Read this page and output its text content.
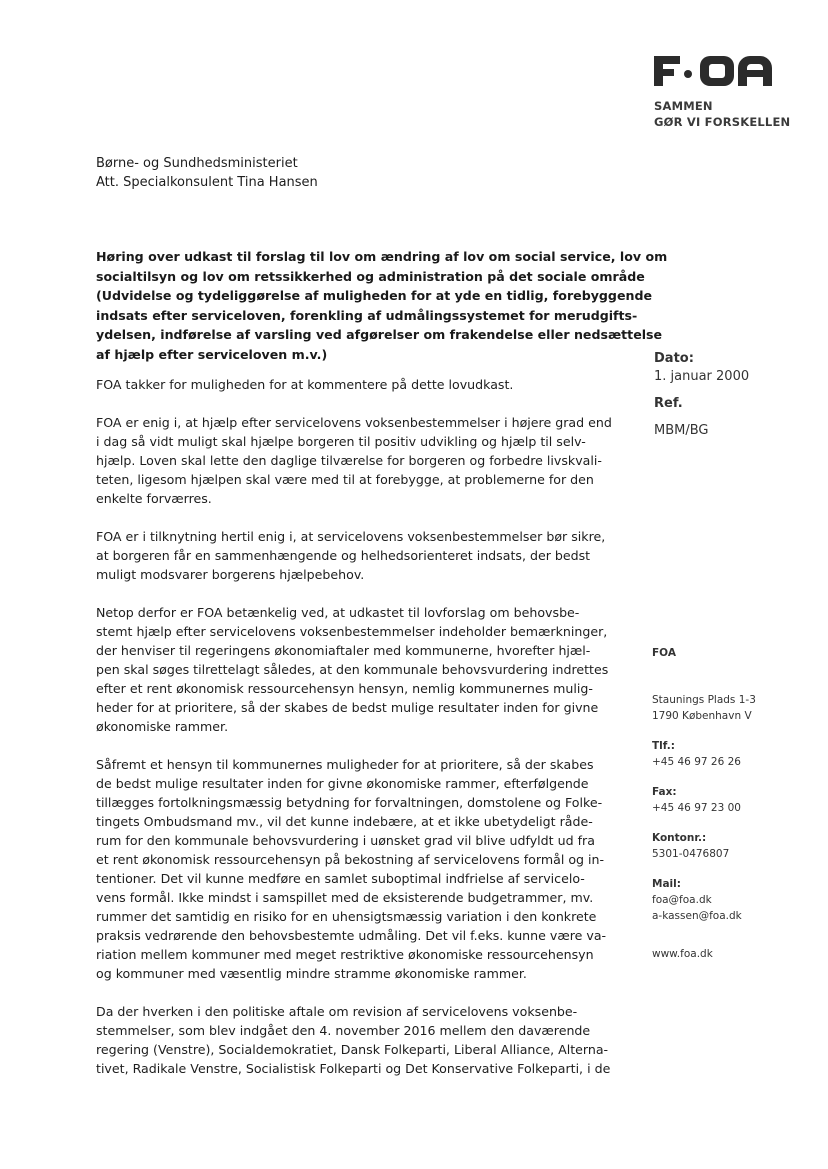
SAMMEN
GØR VI FORSKELLEN
Børne- og Sundhedsministeriet
Att. Specialkonsulent Tina Hansen
Høring over udkast til forslag til lov om ændring af lov om social service, lov om
socialtilsyn og lov om retssikkerhed og administration på det sociale område
(Udvidelse og tydeliggørelse af muligheden for at yde en tidlig, forebyggende
indsats efter serviceloven, forenkling af udmålingssystemet for merudgifts-
ydelsen, indførelse af varsling ved afgørelser om frakendelse eller nedsættelse
af hjælp efter serviceloven m.v.)	Dato:
1. januar 2000
Ref.
MBM/BG
FOA takker for muligheden for at kommentere på dette lovudkast.
FOA er enig i, at hjælp efter servicelovens voksenbestemmelser i højere grad end
i dag så vidt muligt skal hjælpe borgeren til positiv udvikling og hjælp til selv-
hjælp. Loven skal lette den daglige tilværelse for borgeren og forbedre livskvali-
teten, ligesom hjælpen skal være med til at forebygge, at problemerne for den
enkelte forværres.
FOA er i tilknytning hertil enig i, at servicelovens voksenbestemmelser bør sikre,
at borgeren får en sammenhængende og helhedsorienteret indsats, der bedst
muligt modsvarer borgerens hjælpebehov.
Netop derfor er FOA betænkelig ved, at udkastet til lovforslag om behovsbe-
stemt hjælp efter servicelovens voksenbestemmelser indeholder bemærkninger,
der henviser til regeringens økonomiaftaler med kommunerne, hvorefter hjæl-
pen skal søges tilrettelagt således, at den kommunale behovsvurdering indrettes
efter et rent økonomisk ressourcehensyn hensyn, nemlig kommunernes mulig-
heder for at prioritere, så der skabes de bedst mulige resultater inden for givne
økonomiske rammer.
Såfremt et hensyn til kommunernes muligheder for at prioritere, så der skabes
de bedst mulige resultater inden for givne økonomiske rammer, efterfølgende
tillægges fortolkningsmæssig betydning for forvaltningen, domstolene og Folke-
tingets Ombudsmand mv., vil det kunne indebære, at et ikke ubetydeligt råde-
rum for den kommunale behovsvurdering i uønsket grad vil blive udfyldt ud fra
et rent økonomisk ressourcehensyn på bekostning af servicelovens formål og in-
tentioner. Det vil kunne medføre en samlet suboptimal indfrielse af servicelo-
vens formål. Ikke mindst i samspillet med de eksisterende budgetrammer, mv.
rummer det samtidig en risiko for en uhensigtsmæssig variation i den konkrete
praksis vedrørende den behovsbestemte udmåling. Det vil f.eks. kunne være va-
riation mellem kommuner med meget restriktive økonomiske ressourcehensyn
og kommuner med væsentlig mindre stramme økonomiske rammer.
Da der hverken i den politiske aftale om revision af servicelovens voksenbe-
stemmelser, som blev indgået den 4. november 2016 mellem den daværende
regering (Venstre), Socialdemokratiet, Dansk Folkeparti, Liberal Alliance, Alterna-
tivet, Radikale Venstre, Socialistisk Folkeparti og Det Konservative Folkeparti, i de
FOA
Staunings Plads 1-3
1790 København V
Tlf.:
+45 46 97 26 26
Fax:
+45 46 97 23 00
Kontonr.:
5301-0476807
Mail:
foa@foa.dk
a-kassen@foa.dk
www.foa.dk
